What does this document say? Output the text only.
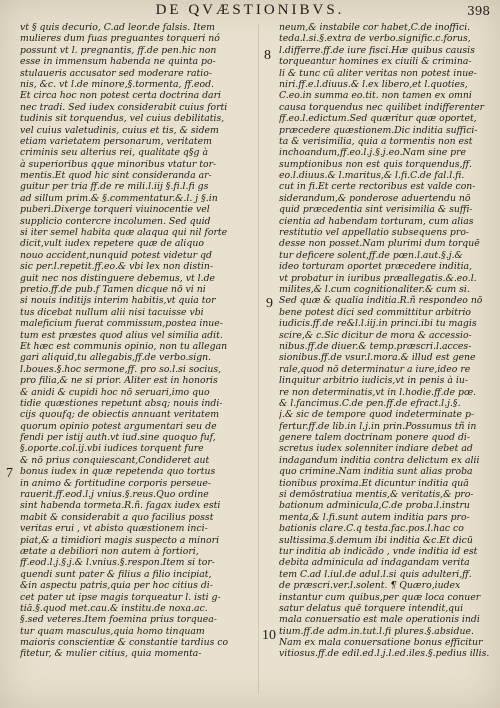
DE QVÆSTIONIBVS.	398
vt § quis decurio, C.ad leor.de falsis. Item
mulieres dum fuas preguantes torqueri nó
possunt vt l. pregnantis, ff.de pen.hic non
esse in immensum habenda ne quinta po-
stulaueris accusator sed moderare ratio-
nis, &c. vt l.de minore,§.tormenta, ff.eod.
Et circa hoc non potest certa doctrina dari
nec tradi. Sed iudex considerabit cuius forti
tudinis sit torquendus, vel cuius debilitatis,
vel cuius valetudinis, cuius et tis, & sidem
etiam varietatem personarum, veritatem
criminis seu alterius rei, qualitate q§g à
à superioribus qque minoribus vtatur tor-
mentis.Et quod hic sint consideranda ar-
guitur per tria ff.de re mili.l.iij §.fi.l.fi gs
ad sillum prim.& §.commentatur.&.l. j §.in
puberi.Dixerge torqueri viuinocentie vel
supplicio contercre incolumen. Sed quid
si iter semel habita quæ alaqua qui nil forte
dicit,vult iudex repetere quæ de aliquo
nouo accident,nunquid potest videtur qd
sic per.l.repetit.ff.eo.& vbi lex non distin-
guit nec nos distinguere debemus, vt l.de
pretio.ff.de pub.f Tamen dicque nō vi ni
si nouis inditijs interim habitis,vt quia tor
tus dicebat nullum alii nisi tacuisse vbi
maleficium fuerat commissum,postea inue-
tum est præstes quod alius vel similia adit.
Et hæc est communis opinio, non tu allegan
gari aliquid,tu allegabis,ff.de verbo.sign.
l.boues.§.hoc sermone,ff. pro so.l.si socius,
pro filia,& ne si prior. Aliter est in honoris
& anidi & cupidi hoc nō seruari,imo quo
tidie quæstiones repetunt absq; nouis indi-
cijs quoufq; de obiectis annuant veritatem
quorum opinio potest argumentari seu de
fendi per istij auth.vt iud.sine quoquo fuf,
§.oporte.col.ij.vbi iudices torquent fure
& nō prius conquiescant,Condideret aut
bonus iudex in quæ repetenda quo tortus
in animo & fortitudine corporis perseue-
rauerit.ff.eod.l.j vnius.§.reus.Quo ordine
sint habenda tormeta.R.ñ. fagax iudex esti
mabit & considerabit a quo facilius posst
veritas erui , vt abisto quæstionem inci-
piat,& a timidiori magis suspecto a minori
ætate a debiliori non autem à fortiori,
ff.eod.l.j.§.j.& l.vnius.§.respon.Item si tor-
quendi sunt pater & filius a filio incipiat,
&in aspectu patris,quia per hoc citius di-
cet pater ut ipse magis torqueatur l. isti g-
tiā.§.quod met.cau.& institu.de noxa.ac.
§.sed veteres.Item foemina prius torquea-
tur quam masculus,quia homo tinquam
maioris conscientiæ & constantie tardius co
fitetur, & mulier citius, quia momenta-
neum,& instabile cor habet,C.de inoffici.
teda.l.si.§.extra de verbo.signific.c.forus,
l.differre.ff.de iure fisci.Hæ quibus causis
torqueantur homines ex ciuili & crimina-
li & tunc cū aliter veritas non potest inue-
niri.ff.e.l.diuus.& l.ex libero,et l.quoties,
C.eo.in summa eo.tit. non tamen ex omni
causa torquendus nec quilibet indifferenter
ff.eo.l.edictum.Sed quæritur quæ oportet,
præcedere quæstionem.Dic inditia suffici-
ta & verisimilia, quia a tormentis non est
inchoandum,ff.eo.l.j.§.j.eo.Nam sine pre
sumptionibus non est quis torquendus,ff.
eo.l.diuus.& l.maritus,& l.fi.C.de fal.l.fi.
cut in fi.Et certe rectoribus est valde con-
siderandum,& ponderose aduertendu nō
quid præcedentia sint verisimilia & suffi-
cientia ad habendam torturam, cum alias
restitutio vel appellatio subsequens pro-
desse non posset.Nam plurimi dum torquē
tur deficere solent,ff.de pœn.l.aut.§.j.&
ideo torturam oportet præcedere inditia,
vt probatur in iuribus præallegatis.&.eo.l.
milites,& l.cum cognitionaliter.& cum si.
Sed quæ & qualia inditia.R.ñ respondeo nō
bene potest dici sed committitur arbitrio
iudicis.ff.de re&l.l.iij.in princi.ibi tu magis
scire,& c.Sic dicitur de mora & accessio-
nibus.ff.de diuer.& temp.præscri.l.acces-
sionibus.ff.de vsur.l.mora.& illud est gene
rale,quod nō determinatur a iure,ideo re
linquitur arbitrio iudicis,vt in penis à iu-
re non determinatis,vt in l.hodie.ff.de pœ.
& l.fancimus.C.de pen.ff.de efract.l.j.§.
j.& sic de tempore quod indeterminate p-
fertur.ff.de lib.in l.j.in prin.Possumus tñ in
genere talem doctrinam ponere quod di-
scretus iudex solenniter indiare debet ad
indagandum inditia contra delictum ex alii
quo crimine.Nam inditia sunt alias proba
tionibus proxima.Et dicuntur inditia quā
si demōstratiua mentis,& veritatis,& pro-
bationum adminicula,C.de proba.l.instru
menta,& l.fi.sunt autem inditia pars pro-
bationis clare.C.q testa.fac.pos.l.hac co
sultissima.§.demum ibi inditia &c.Et dicū
tur inditia ab indicādo , vnde inditia id est
debita adminicula ad indagandam verita
tem C.ad l.iul.de adul.l.si quis adulteri,ff.
de præscri.ver.l.solent. ¶ Quæro,iudex
instantur cum quibus,per quæ loca conuer
satur delatus quē torquere intendit,qui
mala conuersatio est male operationis indi
tium.ff.de adm.in.tut.l.fi plures.§.absidue.
Nam ex mala conuersatione bonus efficitur
vitiosus.ff.de edil.ed.l.j.l.ed.iles.§.pedius illis.
8
9
10
7
